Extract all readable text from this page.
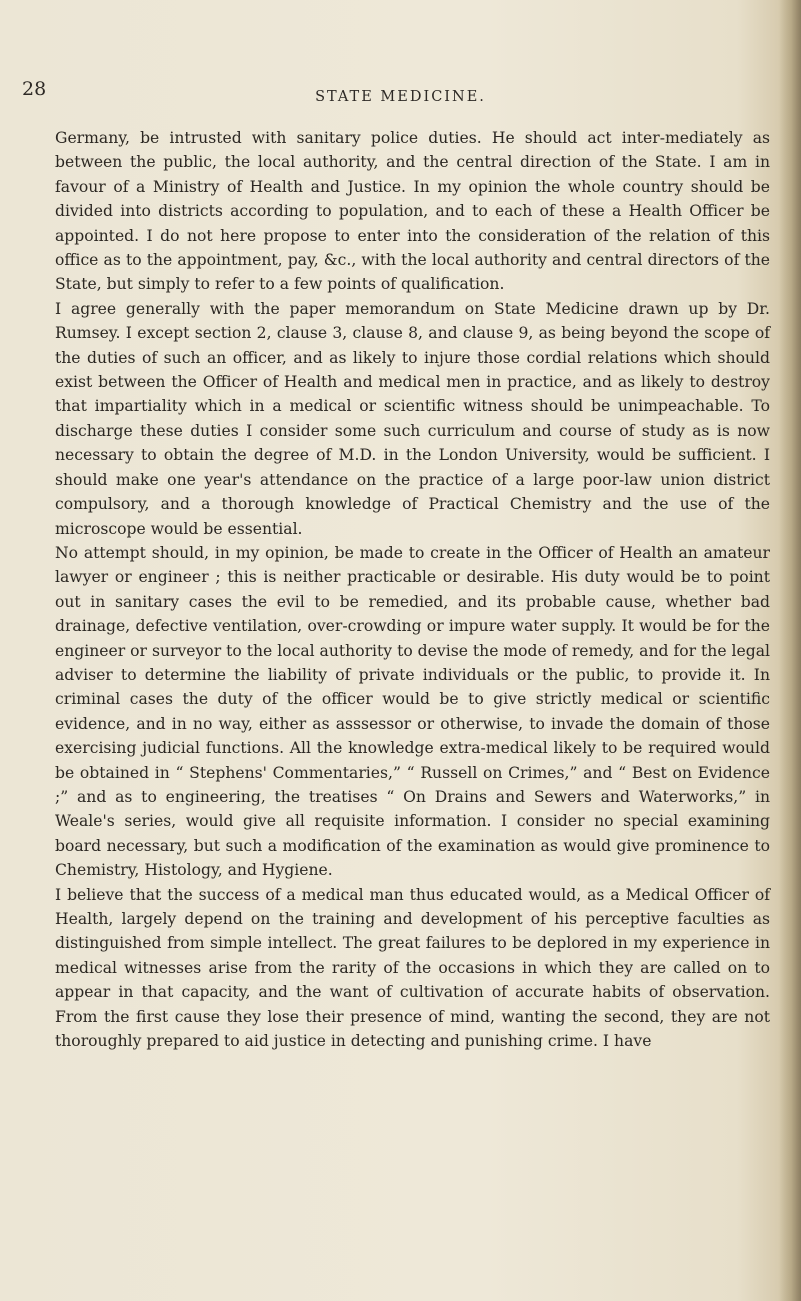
28	STATE MEDICINE.

Germany, be intrusted with sanitary police duties. He should act inter-mediately as between the public, the local authority, and the central direction of the State. I am in favour of a Ministry of Health and Justice. In my opinion the whole country should be divided into districts according to population, and to each of these a Health Officer be appointed. I do not here propose to enter into the consideration of the relation of this office as to the appointment, pay, &c., with the local authority and central directors of the State, but simply to refer to a few points of qualification.

I agree generally with the paper memorandum on State Medicine drawn up by Dr. Rumsey. I except section 2, clause 3, clause 8, and clause 9, as being beyond the scope of the duties of such an officer, and as likely to injure those cordial relations which should exist between the Officer of Health and medical men in practice, and as likely to destroy that impartiality which in a medical or scientific witness should be unimpeachable. To discharge these duties I consider some such curriculum and course of study as is now necessary to obtain the degree of M.D. in the London University, would be sufficient. I should make one year's attendance on the practice of a large poor-law union district compulsory, and a thorough knowledge of Practical Chemistry and the use of the microscope would be essential.

No attempt should, in my opinion, be made to create in the Officer of Health an amateur lawyer or engineer ; this is neither practicable or desirable. His duty would be to point out in sanitary cases the evil to be remedied, and its probable cause, whether bad drainage, defective ventilation, over-crowding or impure water supply. It would be for the engineer or surveyor to the local authority to devise the mode of remedy, and for the legal adviser to determine the liability of private individuals or the public, to provide it. In criminal cases the duty of the officer would be to give strictly medical or scientific evidence, and in no way, either as asssessor or otherwise, to invade the domain of those exercising judicial functions. All the knowledge extra-medical likely to be required would be obtained in “ Stephens' Commentaries,” “ Russell on Crimes,” and “ Best on Evidence ;” and as to engineering, the treatises “ On Drains and Sewers and Waterworks,” in Weale's series, would give all requisite information. I consider no special examining board necessary, but such a modification of the examination as would give prominence to Chemistry, Histology, and Hygiene.

I believe that the success of a medical man thus educated would, as a Medical Officer of Health, largely depend on the training and development of his perceptive faculties as distinguished from simple intellect. The great failures to be deplored in my experience in medical witnesses arise from the rarity of the occasions in which they are called on to appear in that capacity, and the want of cultivation of accurate habits of observation. From the first cause they lose their presence of mind, wanting the second, they are not thoroughly prepared to aid justice in detecting and punishing crime. I have
